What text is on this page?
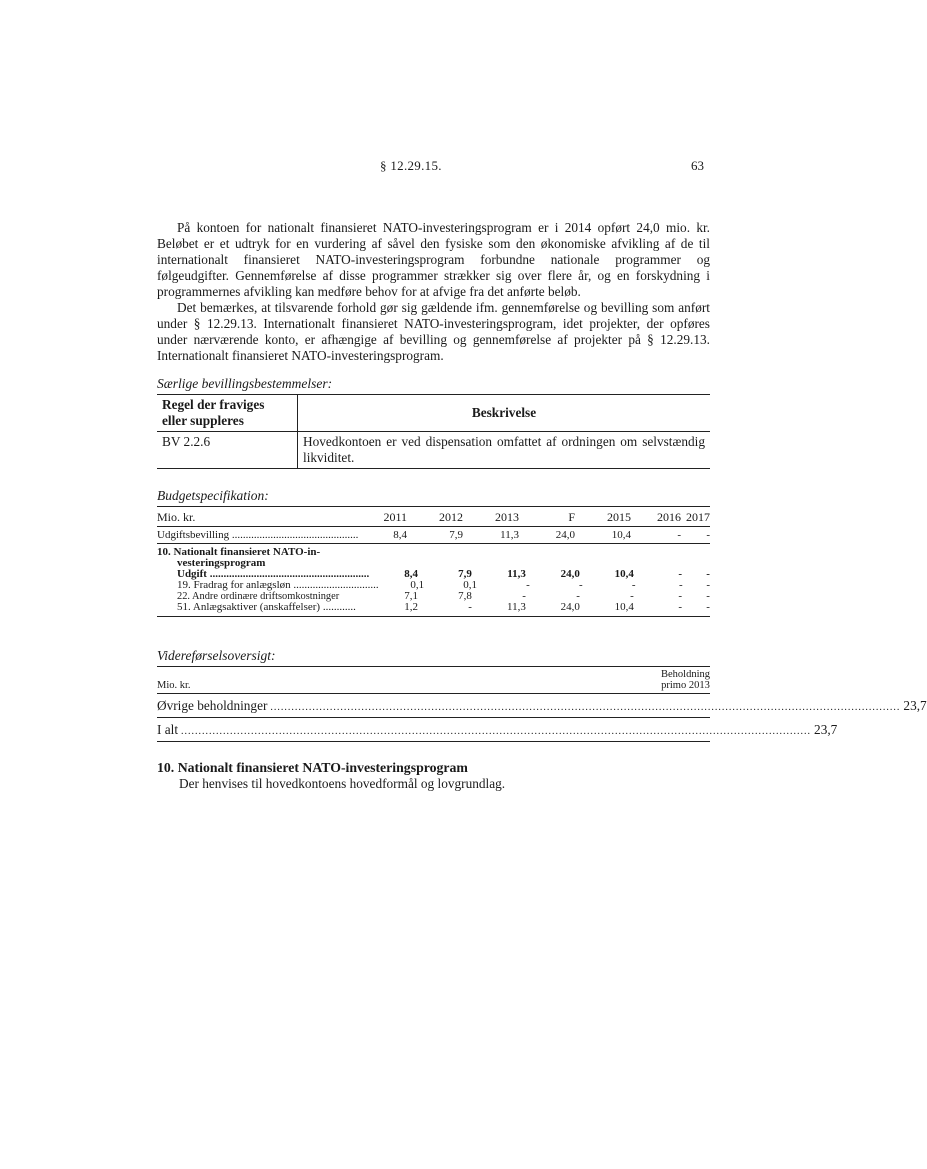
§ 12.29.15.	63

På kontoen for nationalt finansieret NATO-investeringsprogram er i 2014 opført 24,0 mio. kr. Beløbet er et udtryk for en vurdering af såvel den fysiske som den økonomiske afvikling af de til internationalt finansieret NATO-investeringsprogram forbundne nationale programmer og følgeudgifter. Gennemførelse af disse programmer strækker sig over flere år, og en forskydning i programmernes afvikling kan medføre behov for at afvige fra det anførte beløb.

Det bemærkes, at tilsvarende forhold gør sig gældende ifm. gennemførelse og bevilling som anført under § 12.29.13. Internationalt finansieret NATO-investeringsprogram, idet projekter, der opføres under nærværende konto, er afhængige af bevilling og gennemførelse af projekter på § 12.29.13. Internationalt finansieret NATO-investeringsprogram.

Særlige bevillingsbestemmelser:
Regel der fraviges eller suppleres	Beskrivelse
BV 2.2.6	Hovedkontoen er ved dispensation omfattet af ordningen om selvstændig likviditet.
Budgetspecifikation:
Mio. kr.	2011	2012	2013	F	2015	2016 2017
Udgiftsbevilling ..............................................	8,4	7,9	11,3	24,0	10,4	-	-
10. Nationalt finansieret NATO-in-
vesteringsprogram
Udgift ..........................................................	8,4	7,9	11,3	24,0	10,4	-	-
19. Fradrag for anlægsløn ...............................	0,1	0,1	-	-	-	-	-
22. Andre ordinære driftsomkostninger	7,1	7,8	-	-	-	-	-
51. Anlægsaktiver (anskaffelser) ............	1,2	-	11,3	24,0	10,4	-	-
Videreførselsoversigt:
Mio. kr.
Beholdning
primo 2013
Øvrige beholdninger .................................................................................................................................................................................... 23,7
I alt .................................................................................................................................................................................... 23,7
10. Nationalt finansieret NATO-investeringsprogram
Der henvises til hovedkontoens hovedformål og lovgrundlag.
